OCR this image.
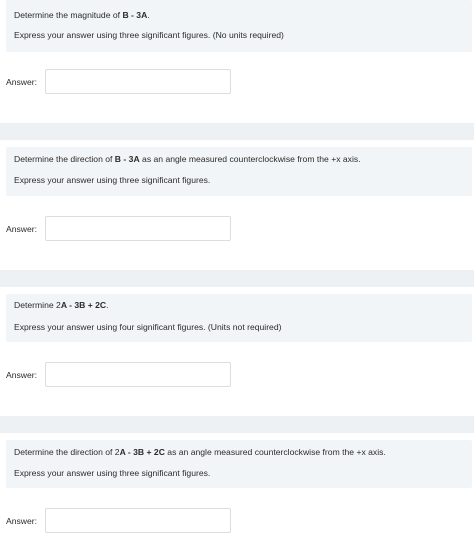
Determine the magnitude of B - 3A.
Express your answer using three significant figures. (No units required)
Answer:
Determine the direction of B - 3A as an angle measured counterclockwise from the +x axis.
Express your answer using three significant figures.
Answer:
Determine 2A - 3B + 2C.
Express your answer using four significant figures. (Units not required)
Answer:
Determine the direction of 2A - 3B + 2C as an angle measured counterclockwise from the +x axis.
Express your answer using three significant figures.
Answer:
